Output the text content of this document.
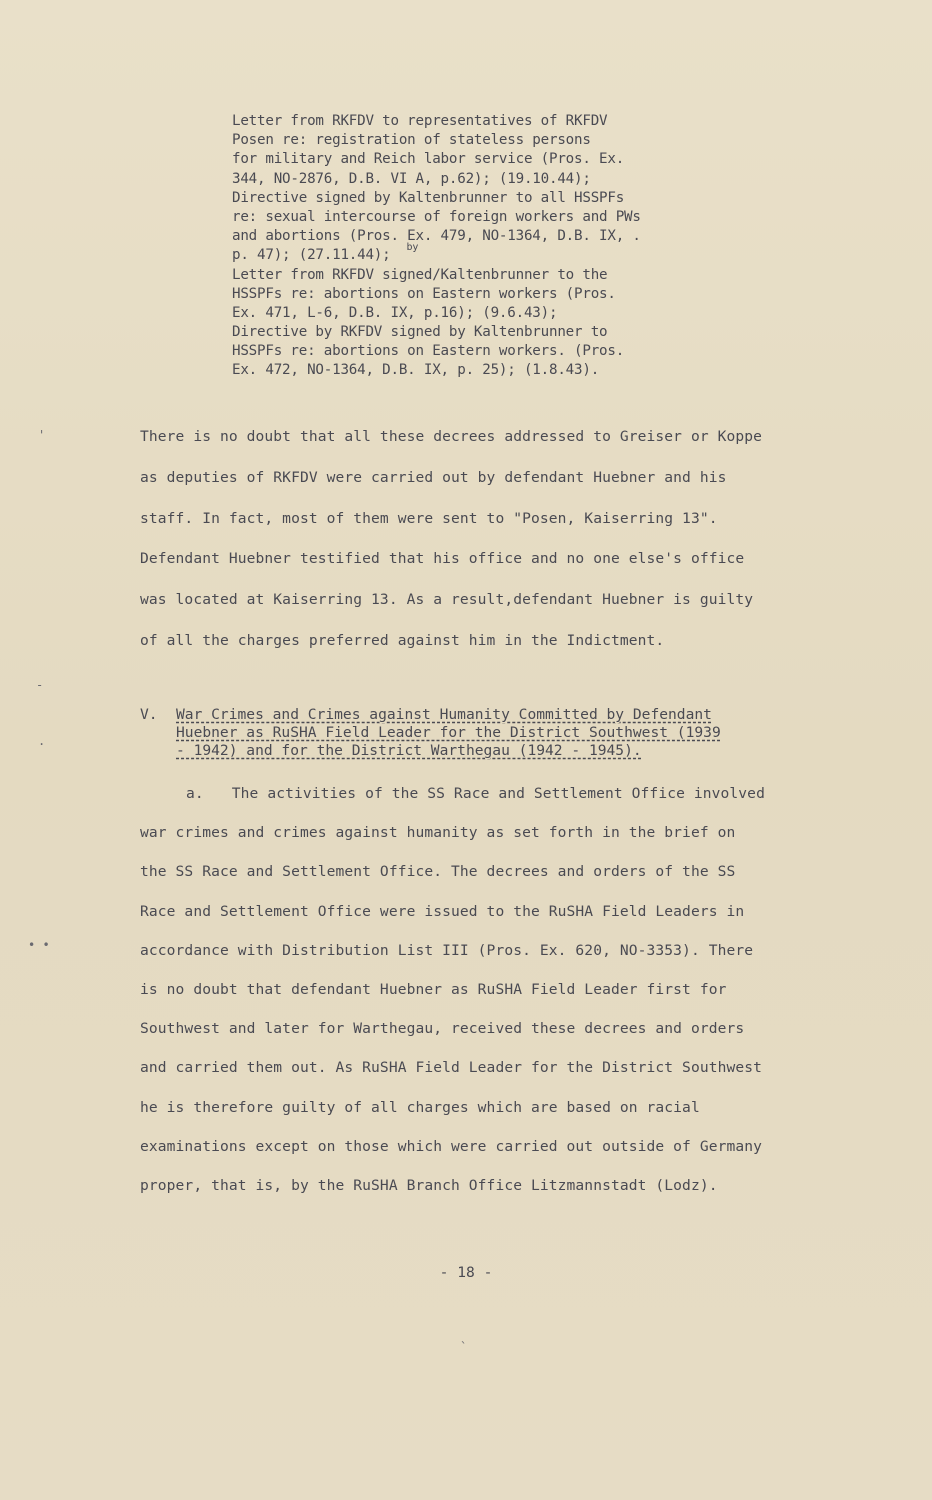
'
-
.
• •
`
Letter from RKFDV to representatives of RKFDV
Posen re: registration of stateless persons
for military and Reich labor service (Pros. Ex.
344, NO-2876, D.B. VI A, p.62); (19.10.44);
Directive signed by Kaltenbrunner to all HSSPFs
re: sexual intercourse of foreign workers and PWs
and abortions (Pros. Ex. 479, NO-1364, D.B. IX, .
p. 47); (27.11.44); $^{by}$
Letter from RKFDV signed/Kaltenbrunner to the
HSSPFs re: abortions on Eastern workers (Pros.
Ex. 471, L-6, D.B. IX, p.16); (9.6.43);
Directive by RKFDV signed by Kaltenbrunner to
HSSPFs re: abortions on Eastern workers. (Pros.
Ex. 472, NO-1364, D.B. IX, p. 25); (1.8.43).
There is no doubt that all these decrees addressed to Greiser or Koppe
as deputies of RKFDV were carried out by defendant Huebner and his
staff. In fact, most of them were sent to "Posen, Kaiserring 13".
Defendant Huebner testified that his office and no one else's office
was located at Kaiserring 13. As a result,defendant Huebner is guilty
of all the charges preferred against him in the Indictment.
V. War Crimes and Crimes against Humanity Committed by Defendant
Huebner as RuSHA Field Leader for the District Southwest (1939
- 1942) and for the District Warthegau (1942 - 1945).
a. The activities of the SS Race and Settlement Office involved
war crimes and crimes against humanity as set forth in the brief on
the SS Race and Settlement Office. The decrees and orders of the SS
Race and Settlement Office were issued to the RuSHA Field Leaders in
accordance with Distribution List III (Pros. Ex. 620, NO-3353). There
is no doubt that defendant Huebner as RuSHA Field Leader first for
Southwest and later for Warthegau, received these decrees and orders
and carried them out. As RuSHA Field Leader for the District Southwest
he is therefore guilty of all charges which are based on racial
examinations except on those which were carried out outside of Germany
proper, that is, by the RuSHA Branch Office Litzmannstadt (Lodz).
- 18 -
